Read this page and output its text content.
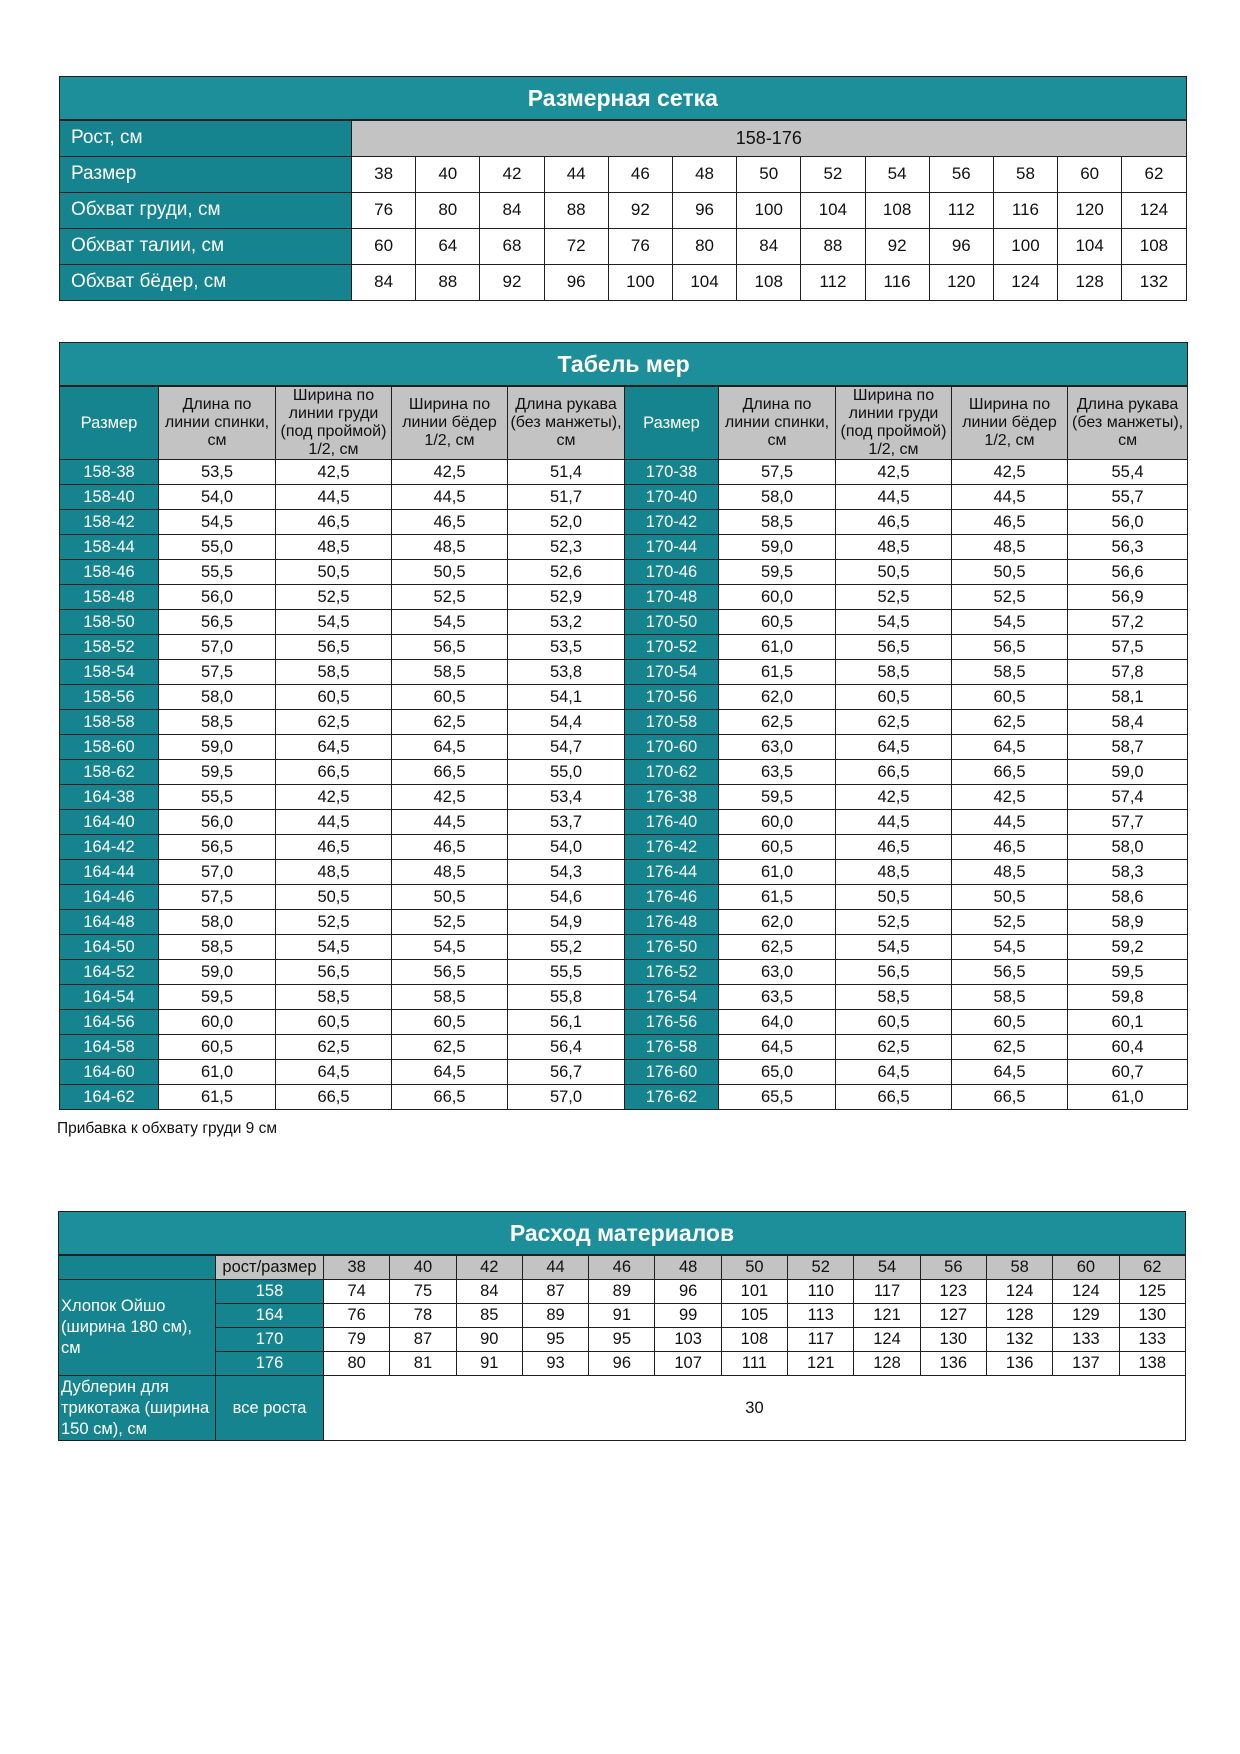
Размерная сетка													
Рост, см	158-176												
Размер	38	40	42	44	46	48	50	52	54	56	58	60	62
Обхват груди, см	76	80	84	88	92	96	100	104	108	112	116	120	124
Обхват талии, см	60	64	68	72	76	80	84	88	92	96	100	104	108
Обхват бёдер, см	84	88	92	96	100	104	108	112	116	120	124	128	132
Табель мер									
Размер	Длина по линии спинки, см	Ширина по линии груди (под проймой) 1/2, см	Ширина по линии бёдер 1/2, см	Длина рукава (без манжеты), см	Размер	Длина по линии спинки, см	Ширина по линии груди (под проймой) 1/2, см	Ширина по линии бёдер 1/2, см	Длина рукава (без манжеты), см
158-38	53,5	42,5	42,5	51,4	170-38	57,5	42,5	42,5	55,4
158-40	54,0	44,5	44,5	51,7	170-40	58,0	44,5	44,5	55,7
158-42	54,5	46,5	46,5	52,0	170-42	58,5	46,5	46,5	56,0
158-44	55,0	48,5	48,5	52,3	170-44	59,0	48,5	48,5	56,3
158-46	55,5	50,5	50,5	52,6	170-46	59,5	50,5	50,5	56,6
158-48	56,0	52,5	52,5	52,9	170-48	60,0	52,5	52,5	56,9
158-50	56,5	54,5	54,5	53,2	170-50	60,5	54,5	54,5	57,2
158-52	57,0	56,5	56,5	53,5	170-52	61,0	56,5	56,5	57,5
158-54	57,5	58,5	58,5	53,8	170-54	61,5	58,5	58,5	57,8
158-56	58,0	60,5	60,5	54,1	170-56	62,0	60,5	60,5	58,1
158-58	58,5	62,5	62,5	54,4	170-58	62,5	62,5	62,5	58,4
158-60	59,0	64,5	64,5	54,7	170-60	63,0	64,5	64,5	58,7
158-62	59,5	66,5	66,5	55,0	170-62	63,5	66,5	66,5	59,0
164-38	55,5	42,5	42,5	53,4	176-38	59,5	42,5	42,5	57,4
164-40	56,0	44,5	44,5	53,7	176-40	60,0	44,5	44,5	57,7
164-42	56,5	46,5	46,5	54,0	176-42	60,5	46,5	46,5	58,0
164-44	57,0	48,5	48,5	54,3	176-44	61,0	48,5	48,5	58,3
164-46	57,5	50,5	50,5	54,6	176-46	61,5	50,5	50,5	58,6
164-48	58,0	52,5	52,5	54,9	176-48	62,0	52,5	52,5	58,9
164-50	58,5	54,5	54,5	55,2	176-50	62,5	54,5	54,5	59,2
164-52	59,0	56,5	56,5	55,5	176-52	63,0	56,5	56,5	59,5
164-54	59,5	58,5	58,5	55,8	176-54	63,5	58,5	58,5	59,8
164-56	60,0	60,5	60,5	56,1	176-56	64,0	60,5	60,5	60,1
164-58	60,5	62,5	62,5	56,4	176-58	64,5	62,5	62,5	60,4
164-60	61,0	64,5	64,5	56,7	176-60	65,0	64,5	64,5	60,7
164-62	61,5	66,5	66,5	57,0	176-62	65,5	66,5	66,5	61,0
Прибавка к обхвату груди 9 см
Расход материалов														
	рост/размер	38	40	42	44	46	48	50	52	54	56	58	60	62
Хлопок Ойшо (ширина 180 см), см	158	74	75	84	87	89	96	101	110	117	123	124	124	125
	164	76	78	85	89	91	99	105	113	121	127	128	129	130
	170	79	87	90	95	95	103	108	117	124	130	132	133	133
	176	80	81	91	93	96	107	111	121	128	136	136	137	138
Дублерин для трикотажа (ширина 150 см), см	все роста	30												
